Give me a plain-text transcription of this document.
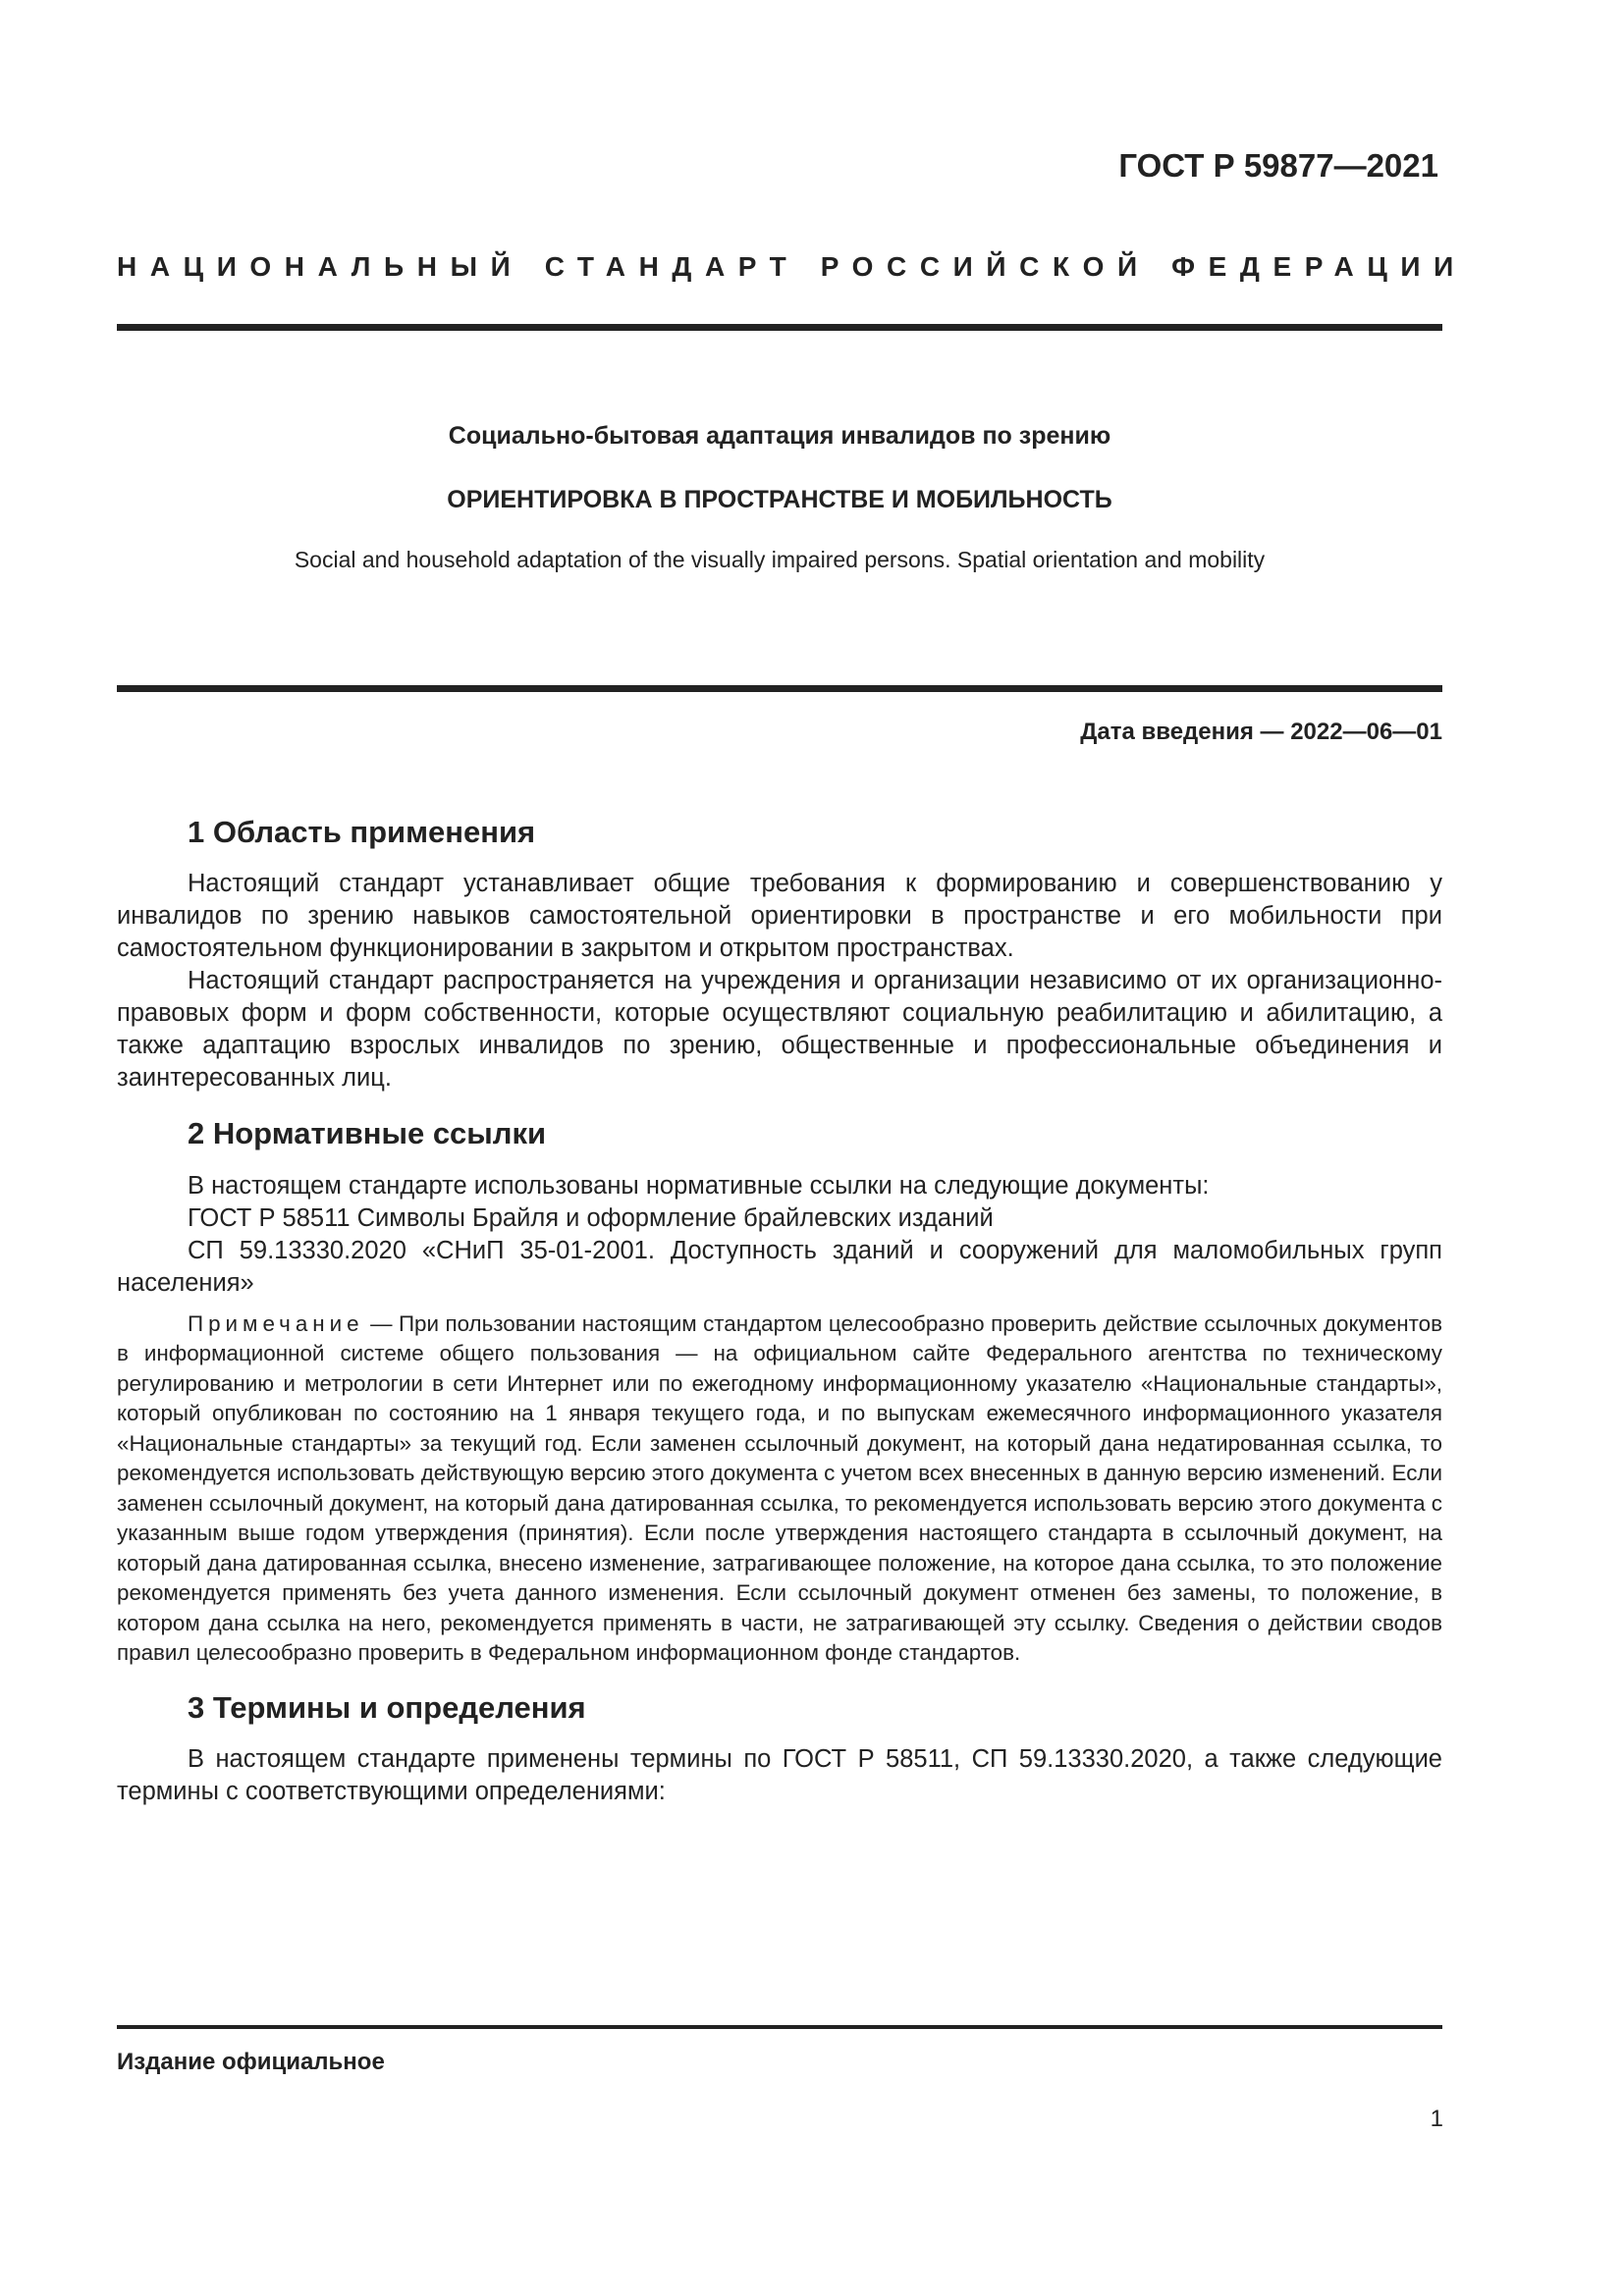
ГОСТ Р 59877—2021
НАЦИОНАЛЬНЫЙ СТАНДАРТ РОССИЙСКОЙ ФЕДЕРАЦИИ
Социально-бытовая адаптация инвалидов по зрению
ОРИЕНТИРОВКА В ПРОСТРАНСТВЕ И МОБИЛЬНОСТЬ
Social and household adaptation of the visually impaired persons. Spatial orientation and mobility
Дата введения — 2022—06—01
1 Область применения

Настоящий стандарт устанавливает общие требования к формированию и совершенствованию у инвалидов по зрению навыков самостоятельной ориентировки в пространстве и его мобильности при самостоятельном функционировании в закрытом и открытом пространствах.

Настоящий стандарт распространяется на учреждения и организации независимо от их организационно-правовых форм и форм собственности, которые осуществляют социальную реабилитацию и абилитацию, а также адаптацию взрослых инвалидов по зрению, общественные и профессиональные объединения и заинтересованных лиц.

2 Нормативные ссылки

В настоящем стандарте использованы нормативные ссылки на следующие документы:

ГОСТ Р 58511 Символы Брайля и оформление брайлевских изданий

СП 59.13330.2020 «СНиП 35-01-2001. Доступность зданий и сооружений для маломобильных групп населения»

Примечание — При пользовании настоящим стандартом целесообразно проверить действие ссылочных документов в информационной системе общего пользования — на официальном сайте Федерального агентства по техническому регулированию и метрологии в сети Интернет или по ежегодному информационному указателю «Национальные стандарты», который опубликован по состоянию на 1 января текущего года, и по выпускам ежемесячного информационного указателя «Национальные стандарты» за текущий год. Если заменен ссылочный документ, на который дана недатированная ссылка, то рекомендуется использовать действующую версию этого документа с учетом всех внесенных в данную версию изменений. Если заменен ссылочный документ, на который дана датированная ссылка, то рекомендуется использовать версию этого документа с указанным выше годом утверждения (принятия). Если после утверждения настоящего стандарта в ссылочный документ, на который дана датированная ссылка, внесено изменение, затрагивающее положение, на которое дана ссылка, то это положение рекомендуется применять без учета данного изменения. Если ссылочный документ отменен без замены, то положение, в котором дана ссылка на него, рекомендуется применять в части, не затрагивающей эту ссылку. Сведения о действии сводов правил целесообразно проверить в Федеральном информационном фонде стандартов.

3 Термины и определения

В настоящем стандарте применены термины по ГОСТ Р 58511, СП 59.13330.2020, а также следующие термины с соответствующими определениями:

Издание официальное
1
